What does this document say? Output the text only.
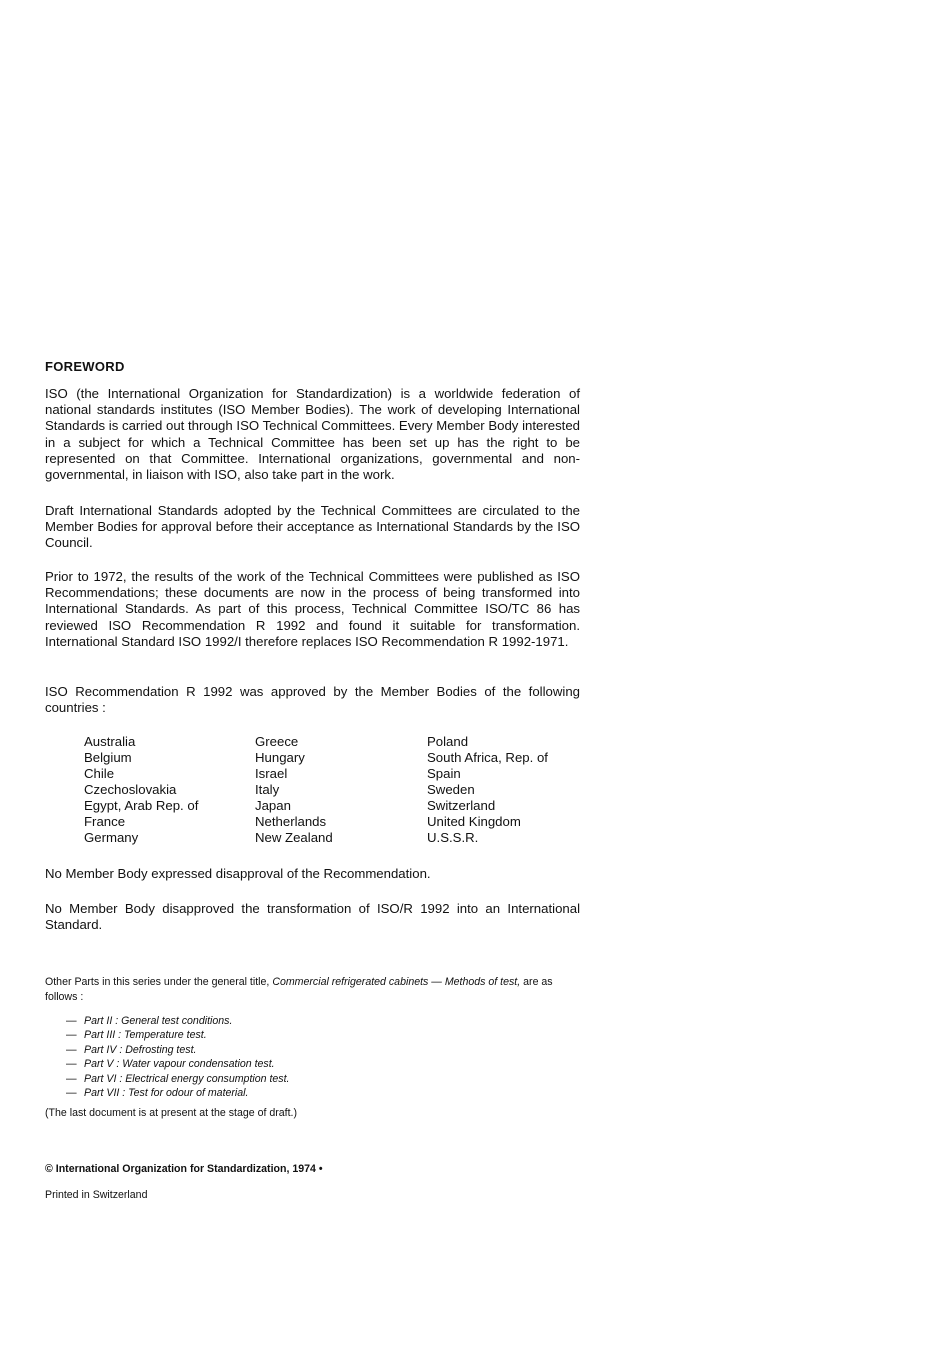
FOREWORD

ISO (the International Organization for Standardization) is a worldwide federation of national standards institutes (ISO Member Bodies). The work of developing International Standards is carried out through ISO Technical Committees. Every Member Body interested in a subject for which a Technical Committee has been set up has the right to be represented on that Committee. International organizations, governmental and non-governmental, in liaison with ISO, also take part in the work.

Draft International Standards adopted by the Technical Committees are circulated to the Member Bodies for approval before their acceptance as International Standards by the ISO Council.

Prior to 1972, the results of the work of the Technical Committees were published as ISO Recommendations; these documents are now in the process of being transformed into International Standards. As part of this process, Technical Committee ISO/TC 86 has reviewed ISO Recommendation R 1992 and found it suitable for transformation. International Standard ISO 1992/I therefore replaces ISO Recommendation R 1992-1971.

ISO Recommendation R 1992 was approved by the Member Bodies of the following countries :

Australia
Belgium
Chile
Czechoslovakia
Egypt, Arab Rep. of
France
Germany
Greece
Hungary
Israel
Italy
Japan
Netherlands
New Zealand
Poland
South Africa, Rep. of
Spain
Sweden
Switzerland
United Kingdom
U.S.S.R.

No Member Body expressed disapproval of the Recommendation.

No Member Body disapproved the transformation of ISO/R 1992 into an International Standard.

Other Parts in this series under the general title, Commercial refrigerated cabinets — Methods of test, are as follows :
— Part II : General test conditions.
— Part III : Temperature test.
— Part IV : Defrosting test.
— Part V : Water vapour condensation test.
— Part VI : Electrical energy consumption test.
— Part VII : Test for odour of material.
(The last document is at present at the stage of draft.)
© International Organization for Standardization, 1974 •
Printed in Switzerland
